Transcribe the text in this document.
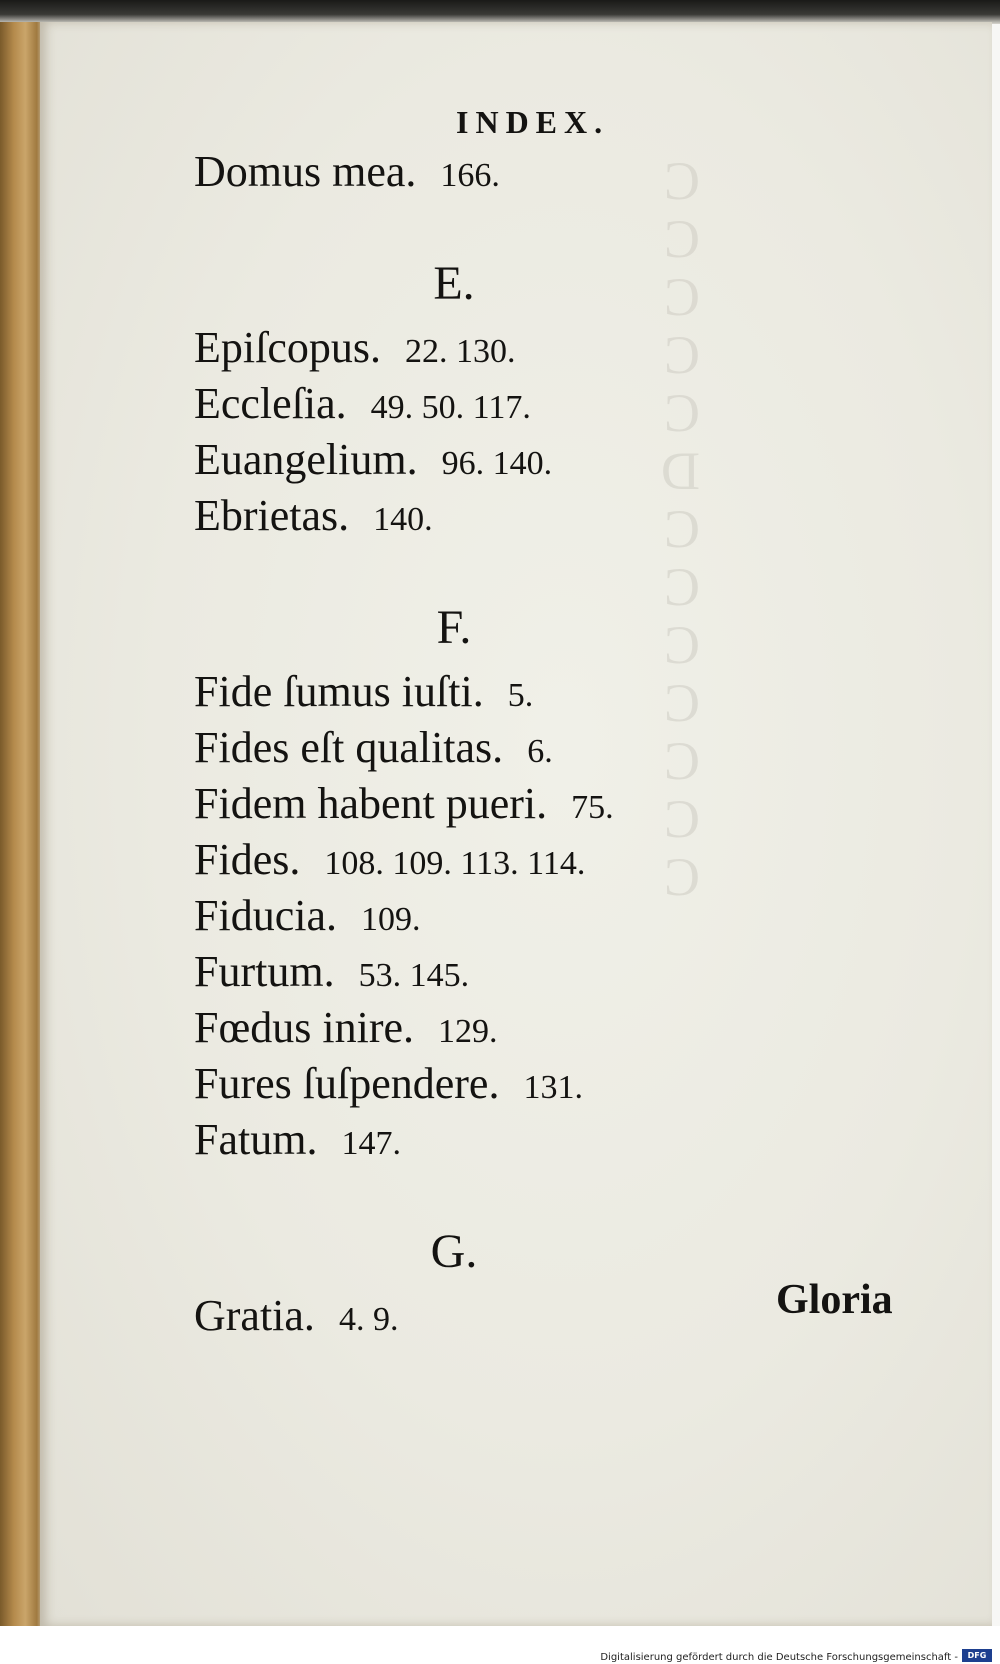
C
C
C
C
C
D
C
C
C
C
C
C
C
INDEX.
Domus mea. 166.
E.
Epiſcopus. 22. 130.
Eccleſia. 49. 50. 117.
Euangelium. 96. 140.
Ebrietas. 140.
F.
Fide ſumus iuſti. 5.
Fides eſt qualitas. 6.
Fidem habent pueri. 75.
Fides. 108. 109. 113. 114.
Fiducia. 109.
Furtum. 53. 145.
Fœdus inire. 129.
Fures ſuſpendere. 131.
Fatum. 147.
G.
Gratia. 4. 9.	Gloria
Digitalisierung gefördert durch die Deutsche Forschungsgemeinschaft -	DFG
